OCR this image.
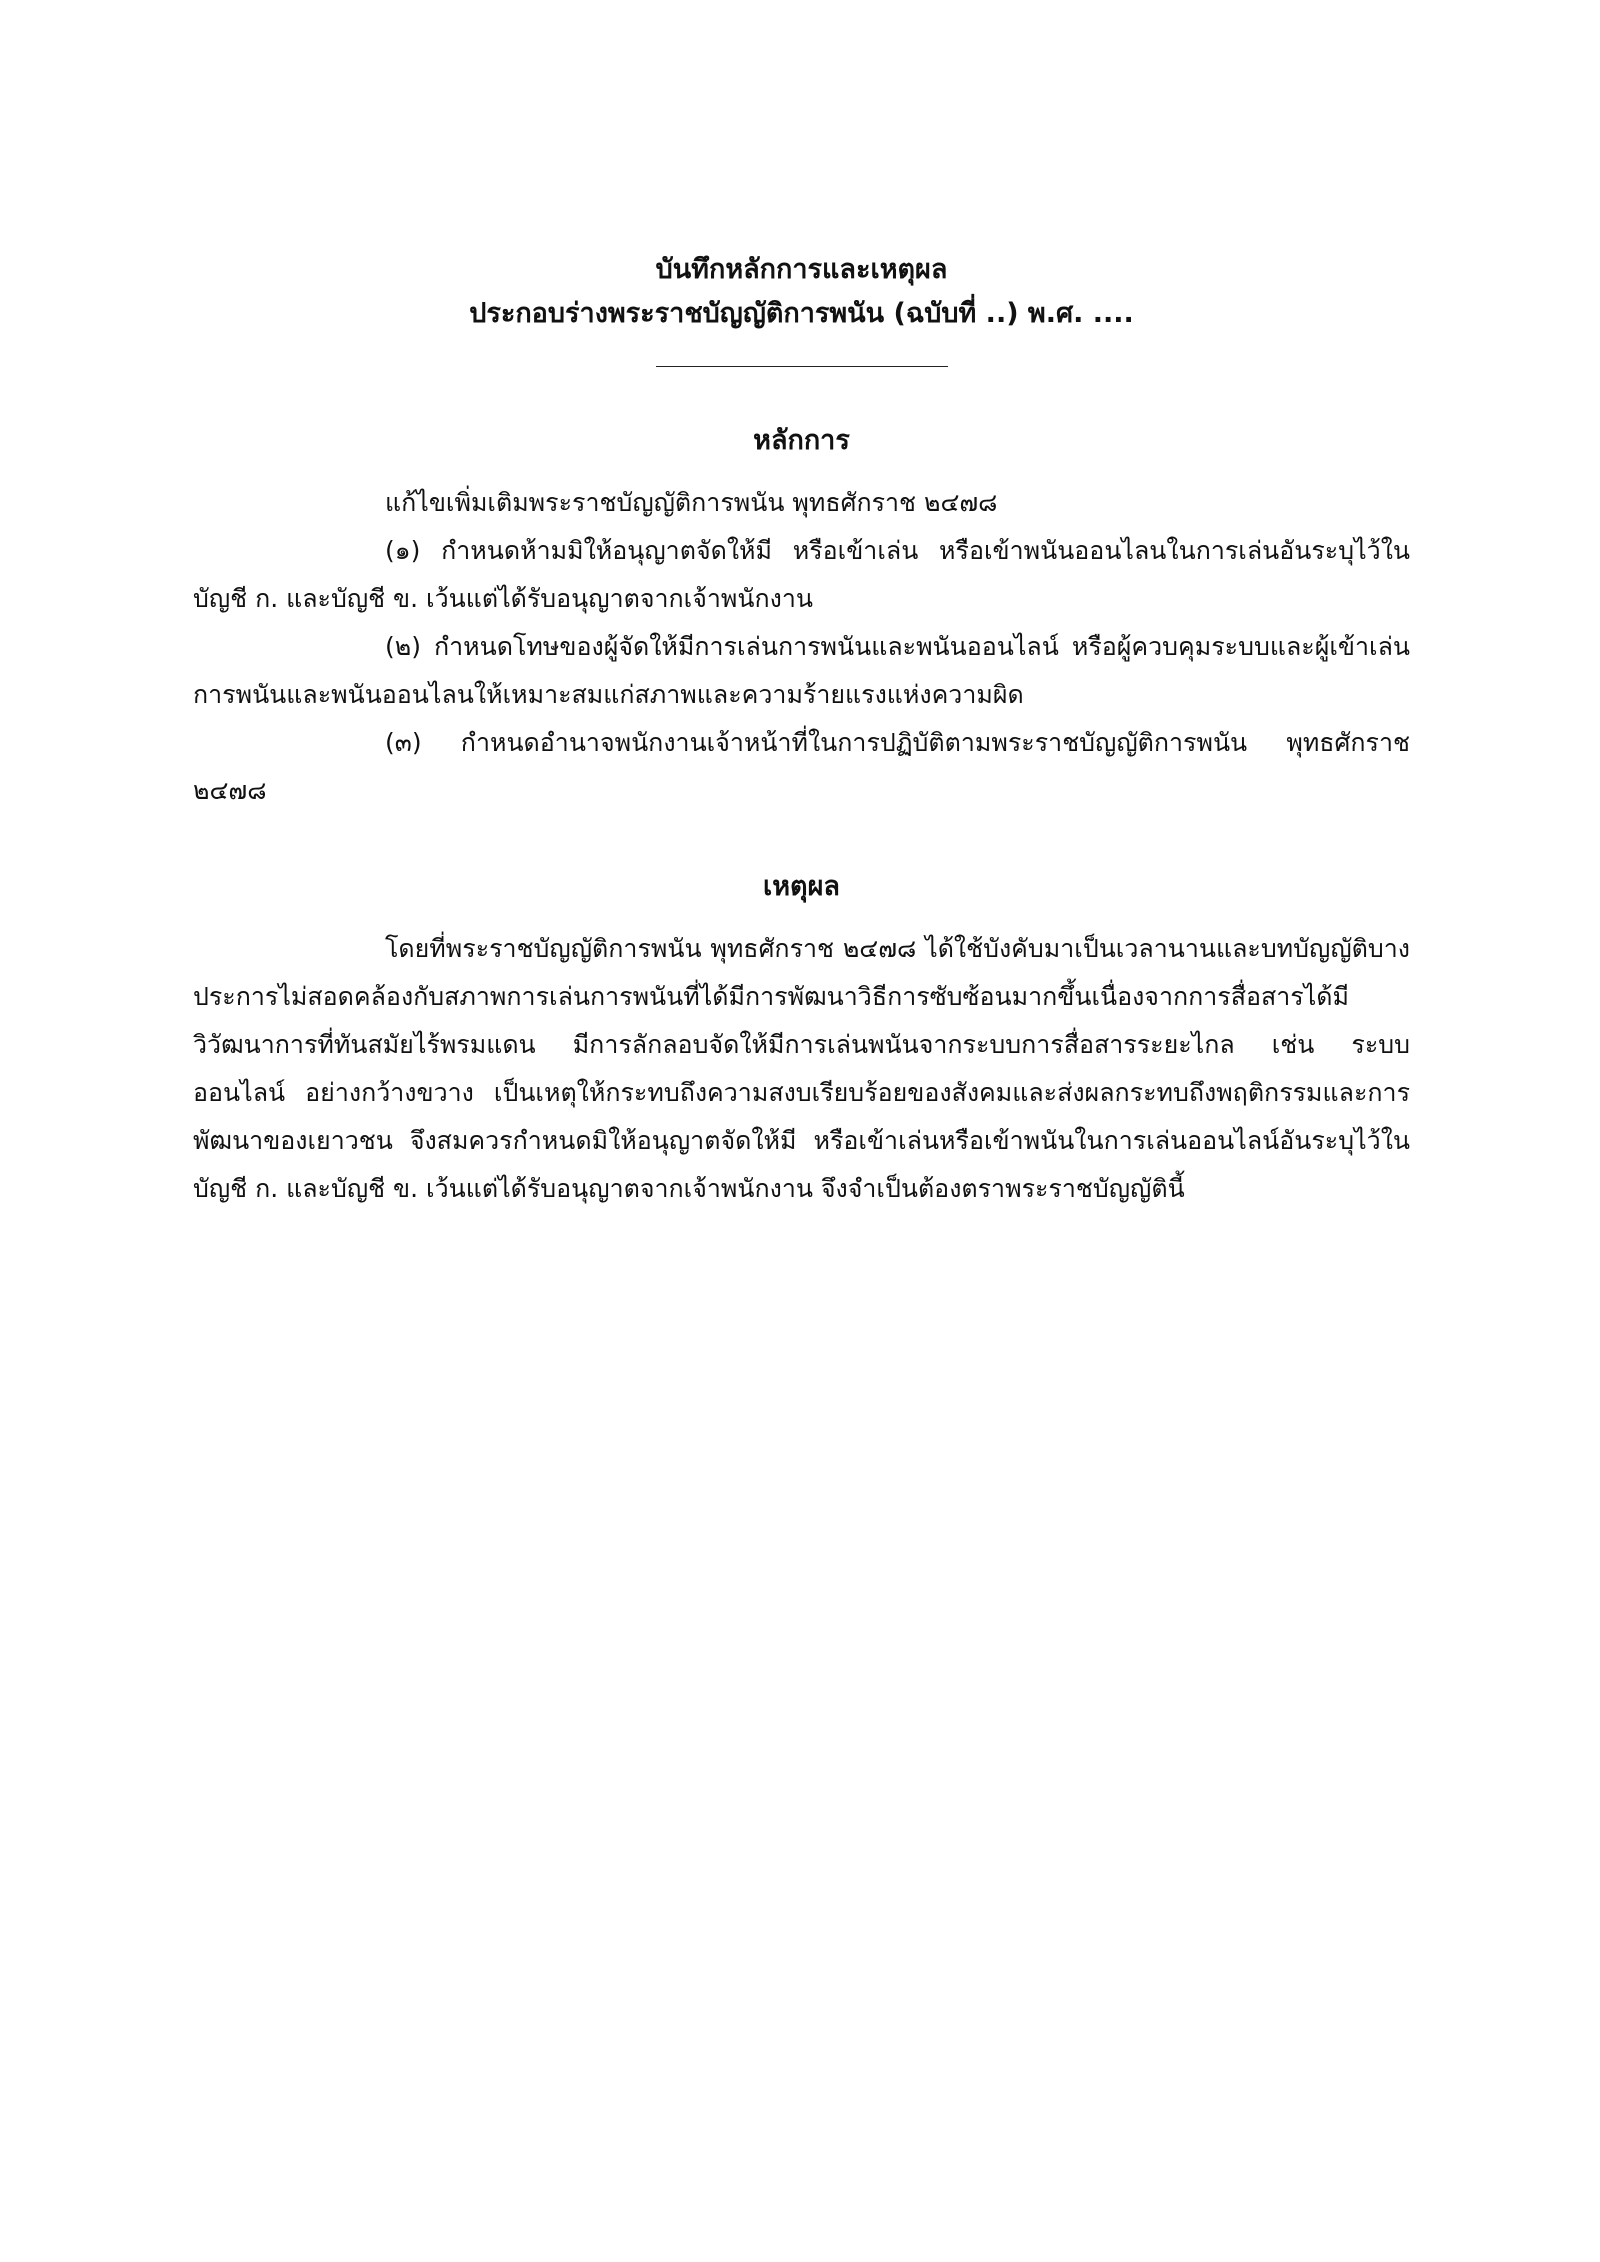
บันทึกหลักการและเหตุผล

ประกอบร่างพระราชบัญญัติการพนัน (ฉบับที่ ..) พ.ศ. ....

หลักการ

แก้ไขเพิ่มเติมพระราชบัญญัติการพนัน พุทธศักราช ๒๔๗๘

(๑) กำหนดห้ามมิให้อนุญาตจัดให้มี หรือเข้าเล่น หรือเข้าพนันออนไลนในการเล่นอันระบุไว้ในบัญชี ก. และบัญชี ข. เว้นแต่ได้รับอนุญาตจากเจ้าพนักงาน

(๒) กำหนดโทษของผู้จัดให้มีการเล่นการพนันและพนันออนไลน์ หรือผู้ควบคุมระบบและผู้เข้าเล่นการพนันและพนันออนไลนให้เหมาะสมแก่สภาพและความร้ายแรงแห่งความผิด

(๓) กำหนดอำนาจพนักงานเจ้าหน้าที่ในการปฏิบัติตามพระราชบัญญัติการพนัน พุทธศักราช ๒๔๗๘

เหตุผล

โดยที่พระราชบัญญัติการพนัน พุทธศักราช ๒๔๗๘ ได้ใช้บังคับมาเป็นเวลานานและบทบัญญัติบางประการไม่สอดคล้องกับสภาพการเล่นการพนันที่ได้มีการพัฒนาวิธีการซับซ้อนมากขึ้นเนื่องจากการสื่อสารได้มีวิวัฒนาการที่ทันสมัยไร้พรมแดน มีการลักลอบจัดให้มีการเล่นพนันจากระบบการสื่อสารระยะไกล เช่น ระบบออนไลน์ อย่างกว้างขวาง เป็นเหตุให้กระทบถึงความสงบเรียบร้อยของสังคมและส่งผลกระทบถึงพฤติกรรมและการพัฒนาของเยาวชน จึงสมควรกำหนดมิให้อนุญาตจัดให้มี หรือเข้าเล่นหรือเข้าพนันในการเล่นออนไลน์อันระบุไว้ในบัญชี ก. และบัญชี ข. เว้นแต่ได้รับอนุญาตจากเจ้าพนักงาน จึงจำเป็นต้องตราพระราชบัญญัตินี้
